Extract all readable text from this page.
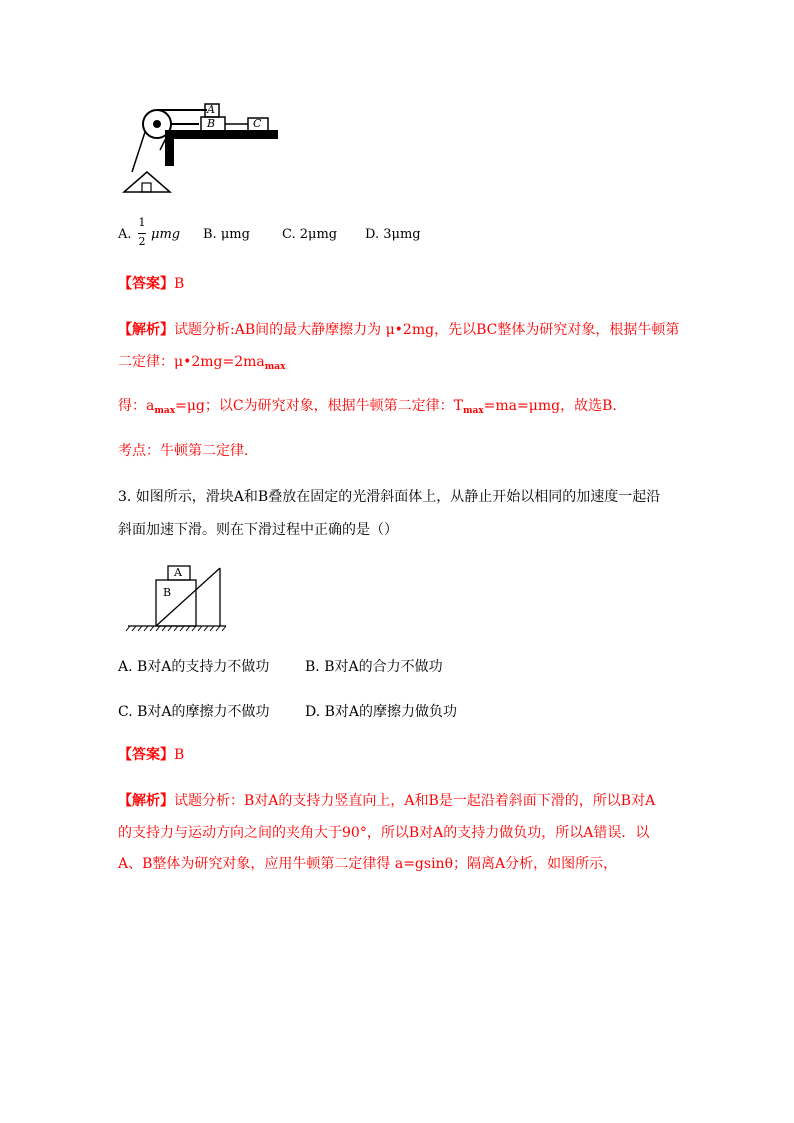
A
B	C
A.
1
2 μmg B. μmg C. 2μmg D. 3μmg
【答案】B
【解析】试题分析:AB间的最大静摩擦力为 μ•2mg，先以BC整体为研究对象，根据牛顿第
二定律：$\mu•2mg=2ma_{max}$
得：$a_{max}=\mu g$；以C为研究对象，根据牛顿第二定律：$T_{max}=ma=\mu mg$，故选B.
考点：牛顿第二定律.
3. 如图所示，滑块A和B叠放在固定的光滑斜面体上，从静止开始以相同的加速度一起沿
斜面加速下滑。则在下滑过程中正确的是（）
A
B
A. B对A的支持力不做功	B. B对A的合力不做功
C. B对A的摩擦力不做功	D. B对A的摩擦力做负功
【答案】B
【解析】试题分析：B对A的支持力竖直向上，A和B是一起沿着斜面下滑的，所以B对A
的支持力与运动方向之间的夹角大于90°，所以B对A的支持力做负功，所以A错误．以
A、B整体为研究对象，应用牛顿第二定律得 a=gsinθ；隔离A分析，如图所示，
